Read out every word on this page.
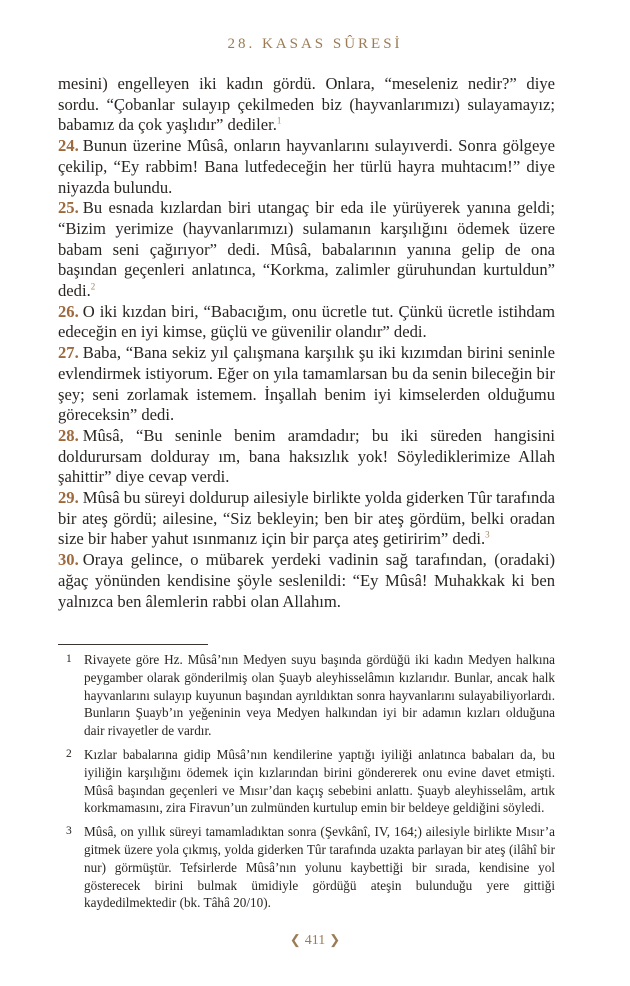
28. KASAS SÛRESİ

mesini) engelleyen iki kadın gördü. Onlara, “meseleniz nedir?” diye sordu. “Çobanlar sulayıp çekilmeden biz (hayvanlarımızı) sulayamayız; babamız da çok yaşlıdır” dediler.$^1$

24. Bunun üzerine Mûsâ, onların hayvanlarını sulayıverdi. Sonra gölgeye çekilip, “Ey rabbim! Bana lutfedeceğin her türlü hayra muhtacım!” diye niyazda bulundu.

25. Bu esnada kızlardan biri utangaç bir eda ile yürüyerek yanına geldi; “Bizim yerimize (hayvanlarımızı) sulamanın karşılığını ödemek üzere babam seni çağırıyor” dedi. Mûsâ, babalarının yanına gelip de ona başından geçenleri anlatınca, “Korkma, zalimler güruhundan kurtuldun” dedi.$^2$

26. O iki kızdan biri, “Babacığım, onu ücretle tut. Çünkü ücretle istihdam edeceğin en iyi kimse, güçlü ve güvenilir olandır” dedi.

27. Baba, “Bana sekiz yıl çalışmana karşılık şu iki kızımdan birini seninle evlendirmek istiyorum. Eğer on yıla tamamlarsan bu da senin bileceğin bir şey; seni zorlamak istemem. İnşallah benim iyi kimselerden olduğumu göreceksin” dedi.

28. Mûsâ, “Bu seninle benim aramdadır; bu iki süreden hangisini doldurursam dolduray ım, bana haksızlık yok! Söylediklerimize Allah şahittir” diye cevap verdi.

29. Mûsâ bu süreyi doldurup ailesiyle birlikte yolda giderken Tûr tarafında bir ateş gördü; ailesine, “Siz bekleyin; ben bir ateş gördüm, belki oradan size bir haber yahut ısınmanız için bir parça ateş getiririm” dedi.$^3$

30. Oraya gelince, o mübarek yerdeki vadinin sağ tarafından, (oradaki) ağaç yönünden kendisine şöyle seslenildi: “Ey Mûsâ! Muhakkak ki ben yalnızca ben âlemlerin rabbi olan Allahım.

1 Rivayete göre Hz. Mûsâ’nın Medyen suyu başında gördüğü iki kadın Medyen halkına peygamber olarak gönderilmiş olan Şuayb aleyhisselâmın kızlarıdır. Bunlar, ancak halk hayvanlarını sulayıp kuyunun başından ayrıldıktan sonra hayvanlarını sulayabiliyorlardı. Bunların Şuayb’ın yeğeninin veya Medyen halkından iyi bir adamın kızları olduğuna dair rivayetler de vardır.
2 Kızlar babalarına gidip Mûsâ’nın kendilerine yaptığı iyiliği anlatınca babaları da, bu iyiliğin karşılığını ödemek için kızlarından birini göndererek onu evine davet etmişti. Mûsâ başından geçenleri ve Mısır’dan kaçış sebebini anlattı. Şuayb aleyhisselâm, artık korkmamasını, zira Firavun’un zulmünden kurtulup emin bir beldeye geldiğini söyledi.
3 Mûsâ, on yıllık süreyi tamamladıktan sonra (Şevkânî, IV, 164;) ailesiyle birlikte Mısır’a gitmek üzere yola çıkmış, yolda giderken Tûr tarafında uzakta parlayan bir ateş (ilâhî bir nur) görmüştür. Tefsirlerde Mûsâ’nın yolunu kaybettiği bir sırada, kendisine yol gösterecek birini bulmak ümidiyle gördüğü ateşin bulunduğu yere gittiği kaydedilmektedir (bk. Tâhâ 20/10).
❮ 411 ❯
